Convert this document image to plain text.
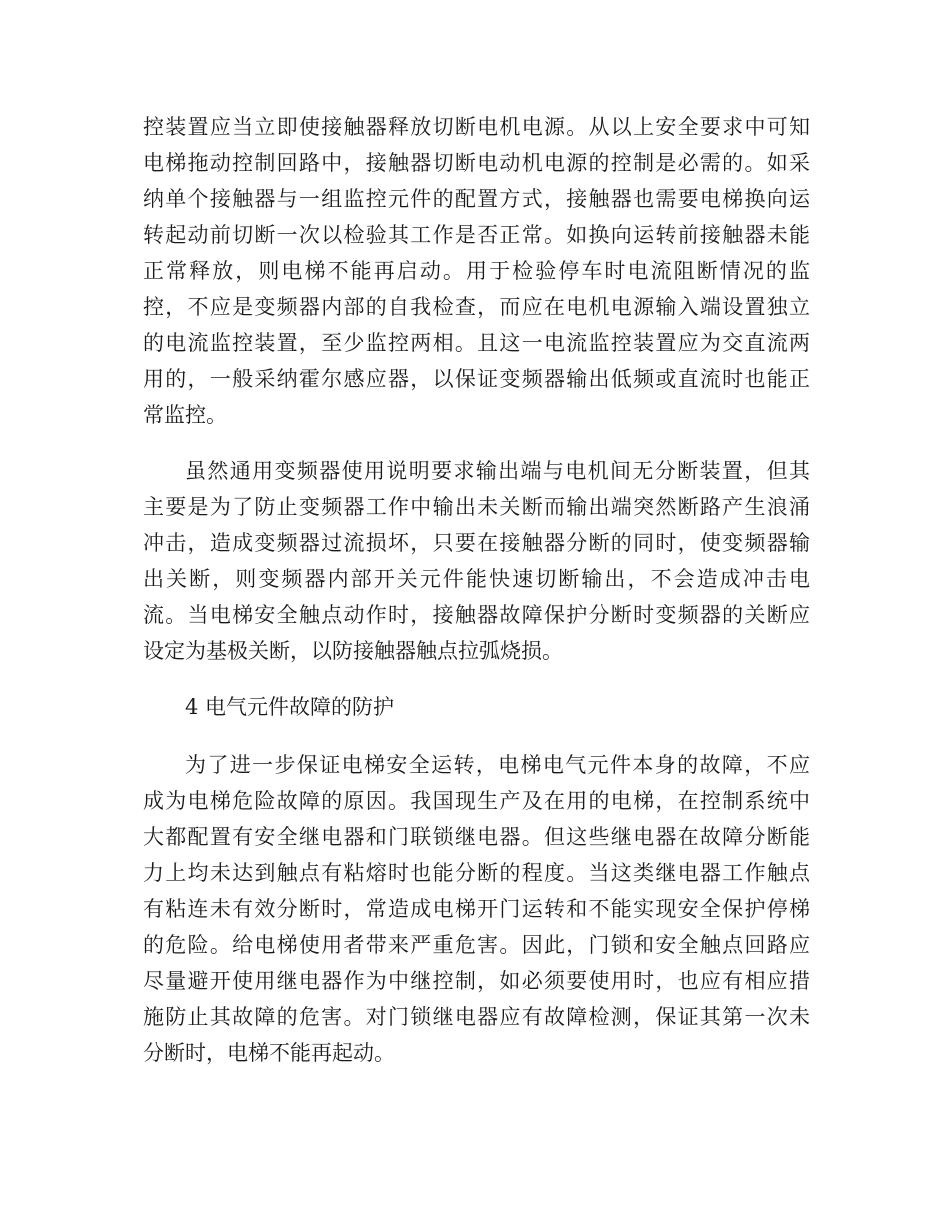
控装置应当立即使接触器释放切断电机电源。从以上安全要求中可知
电梯拖动控制回路中，接触器切断电动机电源的控制是必需的。如采
纳单个接触器与一组监控元件的配置方式，接触器也需要电梯换向运
转起动前切断一次以检验其工作是否正常。如换向运转前接触器未能
正常释放，则电梯不能再启动。用于检验停车时电流阻断情况的监
控，不应是变频器内部的自我检查，而应在电机电源输入端设置独立
的电流监控装置，至少监控两相。且这一电流监控装置应为交直流两
用的，一般采纳霍尔感应器，以保证变频器输出低频或直流时也能正
常监控。
虽然通用变频器使用说明要求输出端与电机间无分断装置，但其
主要是为了防止变频器工作中输出未关断而输出端突然断路产生浪涌
冲击，造成变频器过流损坏，只要在接触器分断的同时，使变频器输
出关断，则变频器内部开关元件能快速切断输出，不会造成冲击电
流。当电梯安全触点动作时，接触器故障保护分断时变频器的关断应
设定为基极关断，以防接触器触点拉弧烧损。
4 电气元件故障的防护
为了进一步保证电梯安全运转，电梯电气元件本身的故障，不应
成为电梯危险故障的原因。我国现生产及在用的电梯，在控制系统中
大都配置有安全继电器和门联锁继电器。但这些继电器在故障分断能
力上均未达到触点有粘熔时也能分断的程度。当这类继电器工作触点
有粘连未有效分断时，常造成电梯开门运转和不能实现安全保护停梯
的危险。给电梯使用者带来严重危害。因此，门锁和安全触点回路应
尽量避开使用继电器作为中继控制，如必须要使用时，也应有相应措
施防止其故障的危害。对门锁继电器应有故障检测，保证其第一次未
分断时，电梯不能再起动。
